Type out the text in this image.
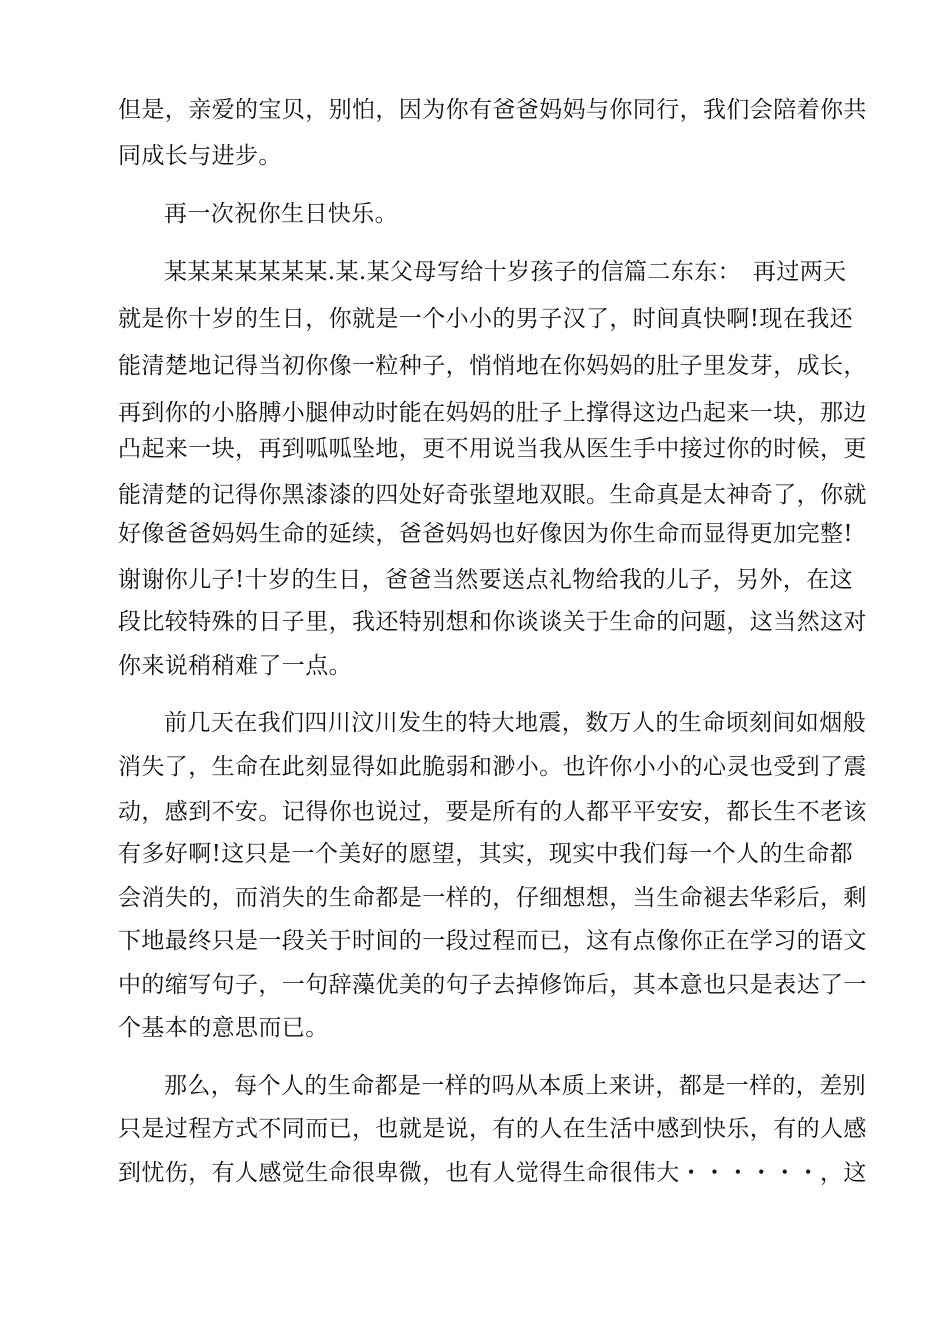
但是，亲爱的宝贝，别怕，因为你有爸爸妈妈与你同行，我们会陪着你共
同成长与进步。
再一次祝你生日快乐。
某某某某某某某.某.某父母写给十岁孩子的信篇二东东：　再过两天
就是你十岁的生日，你就是一个小小的男子汉了，时间真快啊!现在我还
能清楚地记得当初你像一粒种子，悄悄地在你妈妈的肚子里发芽，成长，
再到你的小胳膊小腿伸动时能在妈妈的肚子上撑得这边凸起来一块，那边
凸起来一块，再到呱呱坠地，更不用说当我从医生手中接过你的时候，更
能清楚的记得你黑漆漆的四处好奇张望地双眼。生命真是太神奇了，你就
好像爸爸妈妈生命的延续，爸爸妈妈也好像因为你生命而显得更加完整!
谢谢你儿子!十岁的生日，爸爸当然要送点礼物给我的儿子，另外，在这
段比较特殊的日子里，我还特别想和你谈谈关于生命的问题，这当然这对
你来说稍稍难了一点。
前几天在我们四川汶川发生的特大地震，数万人的生命顷刻间如烟般
消失了，生命在此刻显得如此脆弱和渺小。也许你小小的心灵也受到了震
动，感到不安。记得你也说过，要是所有的人都平平安安，都长生不老该
有多好啊!这只是一个美好的愿望，其实，现实中我们每一个人的生命都
会消失的，而消失的生命都是一样的，仔细想想，当生命褪去华彩后，剩
下地最终只是一段关于时间的一段过程而已，这有点像你正在学习的语文
中的缩写句子，一句辞藻优美的句子去掉修饰后，其本意也只是表达了一
个基本的意思而已。
那么，每个人的生命都是一样的吗从本质上来讲，都是一样的，差别
只是过程方式不同而已，也就是说，有的人在生活中感到快乐，有的人感
到忧伤，有人感觉生命很卑微，也有人觉得生命很伟大・・・・・・，这
